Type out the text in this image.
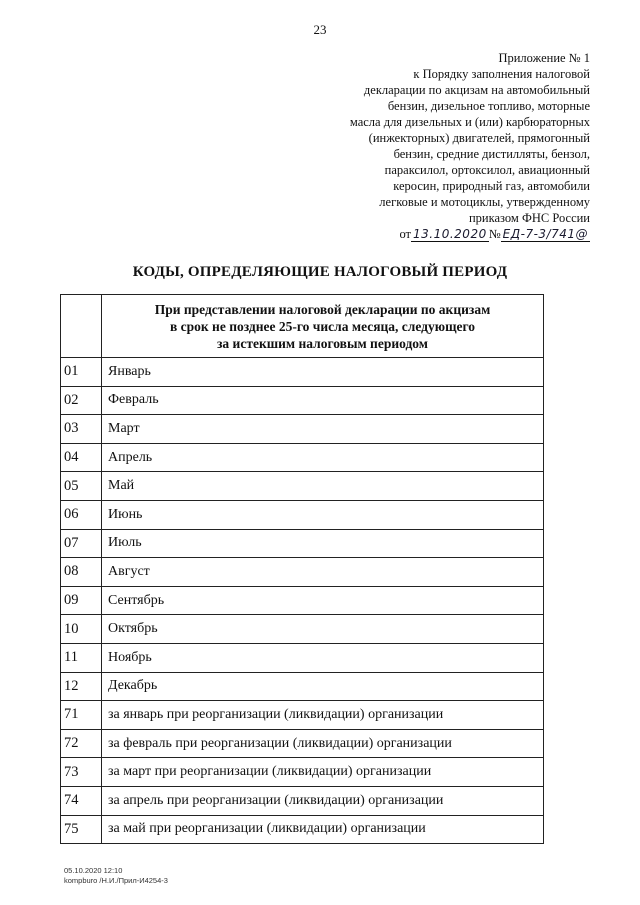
23
Приложение № 1
к Порядку заполнения налоговой
декларации по акцизам на автомобильный
бензин, дизельное топливо, моторные
масла для дизельных и (или) карбюраторных
(инжекторных) двигателей, прямогонный
бензин, средние дистилляты, бензол,
параксилол, ортоксилол, авиационный
керосин, природный газ, автомобили
легковые и мотоциклы, утвержденному
приказом ФНС России
от 13.10.2020 № ЕД-7-3/741@
КОДЫ, ОПРЕДЕЛЯЮЩИЕ НАЛОГОВЫЙ ПЕРИОД

	При представлении налоговой декларации по акцизам
в срок не позднее 25-го числа месяца, следующего
за истекшим налоговым периодом

01	Январь
02	Февраль
03	Март
04	Апрель
05	Май
06	Июнь
07	Июль
08	Август
09	Сентябрь
10	Октябрь
11	Ноябрь
12	Декабрь
71	за январь при реорганизации (ликвидации) организации
72	за февраль при реорганизации (ликвидации) организации
73	за март при реорганизации (ликвидации) организации
74	за апрель при реорганизации (ликвидации) организации
75	за май при реорганизации (ликвидации) организации
05.10.2020 12:10
kompburo /Н.И./Прил-И4254-3
